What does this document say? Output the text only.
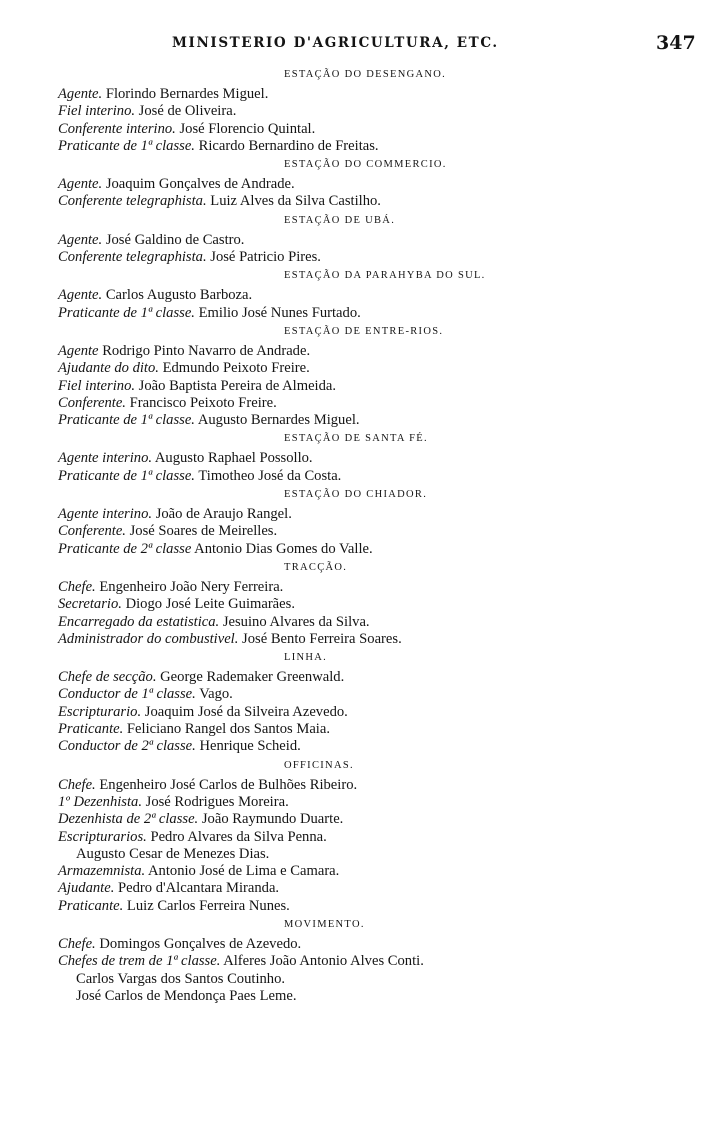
MINISTERIO D'AGRICULTURA, ETC.	347
ESTAÇÃO DO DESENGANO.
Agente. Florindo Bernardes Miguel.
Fiel interino. José de Oliveira.
Conferente interino. José Florencio Quintal.
Praticante de 1ª classe. Ricardo Bernardino de Freitas.
ESTAÇÃO DO COMMERCIO.
Agente. Joaquim Gonçalves de Andrade.
Conferente telegraphista. Luiz Alves da Silva Castilho.
ESTAÇÃO DE UBÁ.
Agente. José Galdino de Castro.
Conferente telegraphista. José Patricio Pires.
ESTAÇÃO DA PARAHYBA DO SUL.
Agente. Carlos Augusto Barboza.
Praticante de 1ª classe. Emilio José Nunes Furtado.
ESTAÇÃO DE ENTRE-RIOS.
Agente Rodrigo Pinto Navarro de Andrade.
Ajudante do dito. Edmundo Peixoto Freire.
Fiel interino. João Baptista Pereira de Almeida.
Conferente. Francisco Peixoto Freire.
Praticante de 1ª classe. Augusto Bernardes Miguel.
ESTAÇÃO DE SANTA FÉ.
Agente interino. Augusto Raphael Possollo.
Praticante de 1ª classe. Timotheo José da Costa.
ESTAÇÃO DO CHIADOR.
Agente interino. João de Araujo Rangel.
Conferente. José Soares de Meirelles.
Praticante de 2ª classe Antonio Dias Gomes do Valle.
TRACÇÃO.
Chefe. Engenheiro João Nery Ferreira.
Secretario. Diogo José Leite Guimarães.
Encarregado da estatistica. Jesuino Alvares da Silva.
Administrador do combustivel. José Bento Ferreira Soares.
LINHA.
Chefe de secção. George Rademaker Greenwald.
Conductor de 1ª classe. Vago.
Escripturario. Joaquim José da Silveira Azevedo.
Praticante. Feliciano Rangel dos Santos Maia.
Conductor de 2ª classe. Henrique Scheid.
OFFICINAS.
Chefe. Engenheiro José Carlos de Bulhões Ribeiro.
1º Dezenhista. José Rodrigues Moreira.
Dezenhista de 2ª classe. João Raymundo Duarte.
Escripturarios. Pedro Alvares da Silva Penna.
Augusto Cesar de Menezes Dias.
Armazemnista. Antonio José de Lima e Camara.
Ajudante. Pedro d'Alcantara Miranda.
Praticante. Luiz Carlos Ferreira Nunes.
MOVIMENTO.
Chefe. Domingos Gonçalves de Azevedo.
Chefes de trem de 1ª classe. Alferes João Antonio Alves Conti.
Carlos Vargas dos Santos Coutinho.
José Carlos de Mendonça Paes Leme.
